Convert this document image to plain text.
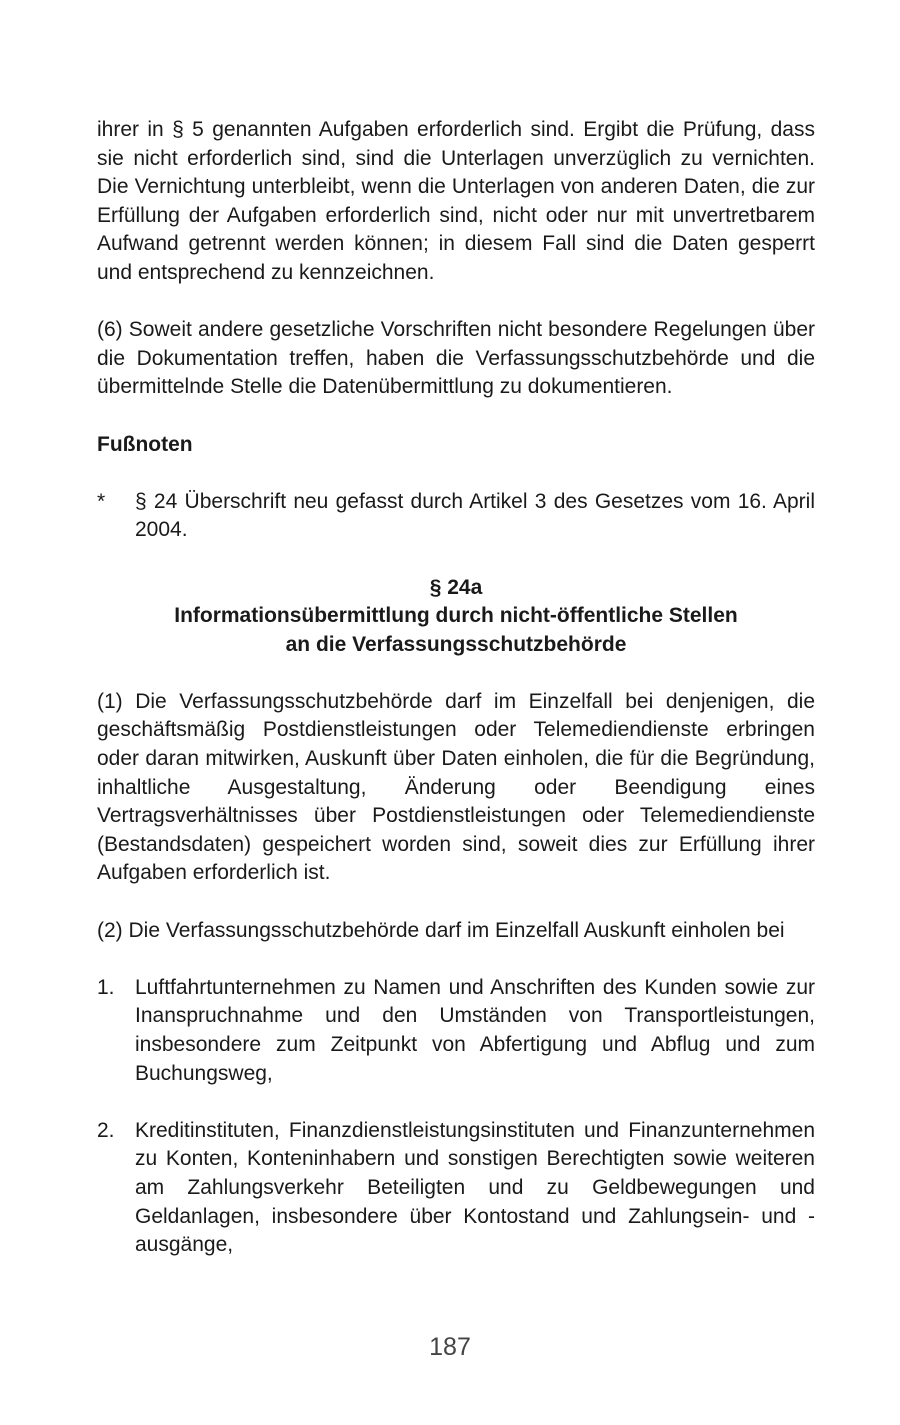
ihrer in § 5 genannten Aufgaben erforderlich sind. Ergibt die Prüfung, dass sie nicht erforderlich sind, sind die Unterlagen unverzüglich zu vernichten. Die Vernichtung unterbleibt, wenn die Unterlagen von anderen Daten, die zur Erfüllung der Aufgaben erforderlich sind, nicht oder nur mit unvertretbarem Aufwand getrennt werden können; in diesem Fall sind die Daten gesperrt und entsprechend zu kennzeichnen.

(6) Soweit andere gesetzliche Vorschriften nicht besondere Regelungen über die Dokumentation treffen, haben die Verfassungsschutzbehörde und die übermittelnde Stelle die Datenübermittlung zu dokumentieren.

Fußnoten
* § 24 Überschrift neu gefasst durch Artikel 3 des Gesetzes vom 16. April 2004.

§ 24a
Informationsübermittlung durch nicht-öffentliche Stellen
an die Verfassungsschutzbehörde

(1) Die Verfassungsschutzbehörde darf im Einzelfall bei denjenigen, die geschäftsmäßig Postdienstleistungen oder Telemediendienste erbringen oder daran mitwirken, Auskunft über Daten einholen, die für die Begründung, inhaltliche Ausgestaltung, Änderung oder Beendigung eines Vertragsverhältnisses über Postdienstleistungen oder Telemediendienste (Bestandsdaten) gespeichert worden sind, soweit dies zur Erfüllung ihrer Aufgaben erforderlich ist.

(2) Die Verfassungsschutzbehörde darf im Einzelfall Auskunft einholen bei

1. Luftfahrtunternehmen zu Namen und Anschriften des Kunden sowie zur Inanspruchnahme und den Umständen von Transportleistungen, insbesondere zum Zeitpunkt von Abfertigung und Abflug und zum Buchungsweg,

2. Kreditinstituten, Finanzdienstleistungsinstituten und Finanzunternehmen zu Konten, Konteninhabern und sonstigen Berechtigten sowie weiteren am Zahlungsverkehr Beteiligten und zu Geldbewegungen und Geldanlagen, insbesondere über Kontostand und Zahlungsein- und -ausgänge,

187
